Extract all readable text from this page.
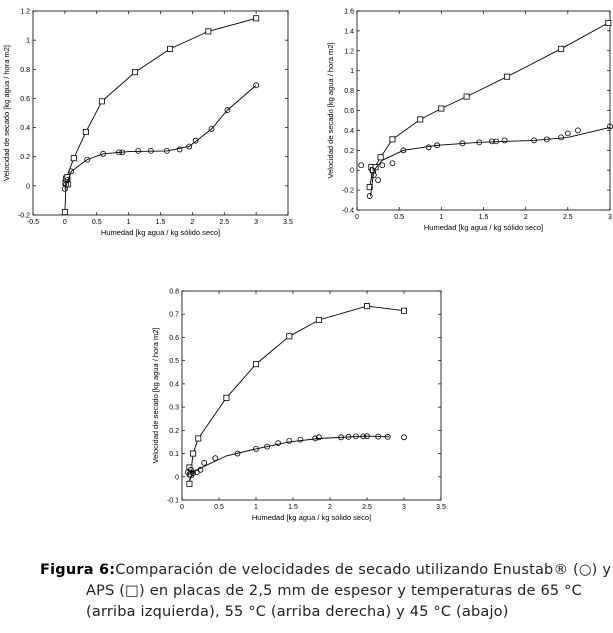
-0.5	0	0.5	1	1.5	2	2.5	3	3.5
-0.2
0
0.2
0.4
0.6
0.8
1
1.2
Humedad [kg agua / kg sólido seco]
Velocidad de secado [kg agua / hora m2]
0	0.5	1	1.5	2	2.5	3
-0.4
-0.2
0
0.2
0.4
0.6
0.8
1
1.2
1.4
1.6
Humedad [kg agua / kg sólido seco]
Velocidad de secado [kg agua / hora m2]
0	0.5	1	1.5	2	2.5	3	3.5
-0.1
0
0.1
0.2
0.3
0.4
0.5
0.6
0.7
0.8
Humedad [kg agua / kg sólido seco]
Velocidad de secado [kg agua / hora m2]
Figura 6:Comparación de velocidades de secado utilizando Enustab® (○) y
APS (□) en placas de 2,5 mm de espesor y temperaturas de 65 °C
(arriba izquierda), 55 °C (arriba derecha) y 45 °C (abajo)
